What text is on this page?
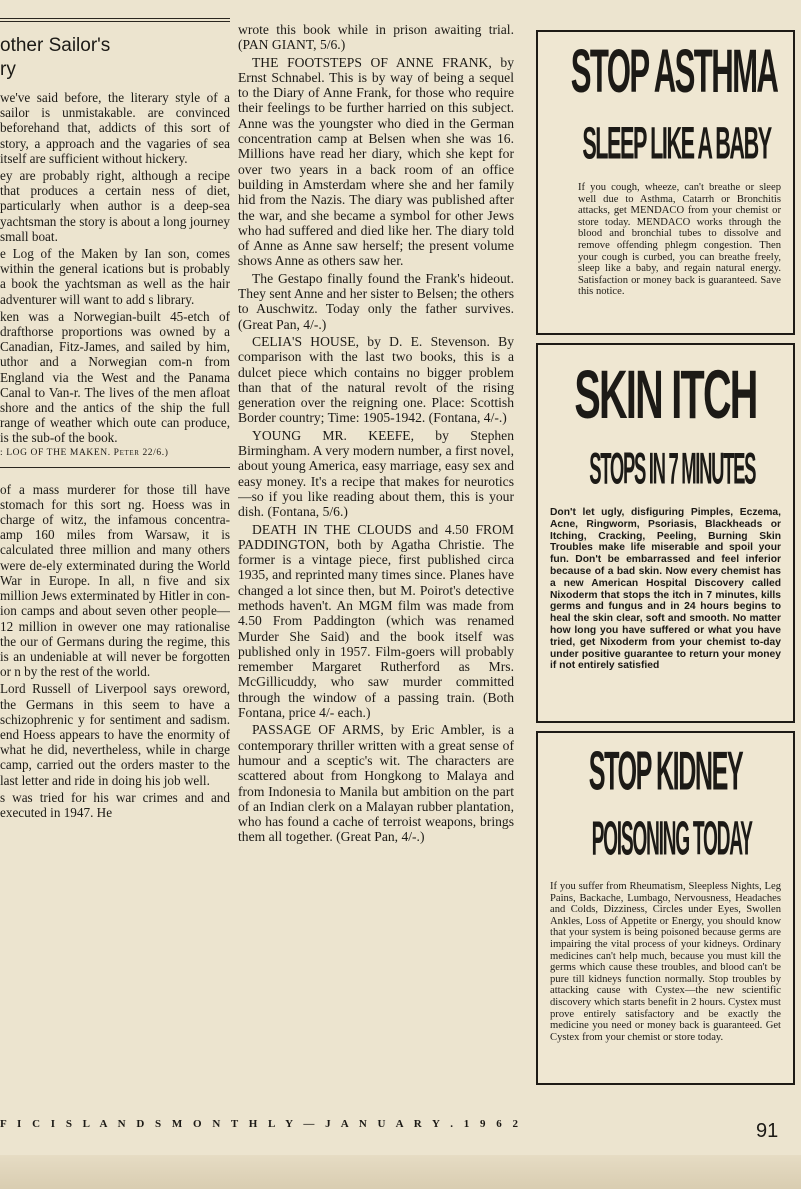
other Sailor's
ry

we've said before, the literary style of a sailor is unmistakable. are convinced beforehand that, addicts of this sort of story, a approach and the vagaries of sea itself are sufficient without hickery.

ey are probably right, although a recipe that produces a certain ness of diet, particularly when author is a deep-sea yachtsman the story is about a long journey small boat.

e Log of the Maken by Ian son, comes within the general ications but is probably a book the yachtsman as well as the hair adventurer will want to add s library.

ken was a Norwegian-built 45-etch of drafthorse proportions was owned by a Canadian, Fitz-James, and sailed by him, uthor and a Norwegian com-n from England via the West and the Panama Canal to Van-r. The lives of the men afloat shore and the antics of the ship the full range of weather which oute can produce, is the sub-of the book.

: LOG OF THE MAKEN. Peter 22/6.)

of a mass murderer for those till have stomach for this sort ng. Hoess was in charge of witz, the infamous concentra-amp 160 miles from Warsaw, it is calculated three million and many others were de-ely exterminated during the World War in Europe. In all, n five and six million Jews exterminated by Hitler in con-ion camps and about seven other people—12 million in owever one may rationalise the our of Germans during the regime, this is an undeniable at will never be forgotten or n by the rest of the world.

Lord Russell of Liverpool says oreword, the Germans in this seem to have a schizophrenic y for sentiment and sadism. end Hoess appears to have the enormity of what he did, nevertheless, while in charge camp, carried out the orders master to the last letter and ride in doing his job well.

s was tried for his war crimes and and executed in 1947. He

wrote this book while in prison awaiting trial. (PAN GIANT, 5/6.)

THE FOOTSTEPS OF ANNE FRANK, by Ernst Schnabel. This is by way of being a sequel to the Diary of Anne Frank, for those who require their feelings to be further harried on this subject. Anne was the youngster who died in the German concentration camp at Belsen when she was 16. Millions have read her diary, which she kept for over two years in a back room of an office building in Amsterdam where she and her family hid from the Nazis. The diary was published after the war, and she became a symbol for other Jews who had suffered and died like her. The diary told of Anne as Anne saw herself; the present volume shows Anne as others saw her.

The Gestapo finally found the Frank's hideout. They sent Anne and her sister to Belsen; the others to Auschwitz. Today only the father survives. (Great Pan, 4/-.)

CELIA'S HOUSE, by D. E. Stevenson. By comparison with the last two books, this is a dulcet piece which contains no bigger problem than that of the natural revolt of the rising generation over the reigning one. Place: Scottish Border country; Time: 1905-1942. (Fontana, 4/-.)

YOUNG MR. KEEFE, by Stephen Birmingham. A very modern number, a first novel, about young America, easy marriage, easy sex and easy money. It's a recipe that makes for neurotics—so if you like reading about them, this is your dish. (Fontana, 5/6.)

DEATH IN THE CLOUDS and 4.50 FROM PADDINGTON, both by Agatha Christie. The former is a vintage piece, first published circa 1935, and reprinted many times since. Planes have changed a lot since then, but M. Poirot's detective methods haven't. An MGM film was made from 4.50 From Paddington (which was renamed Murder She Said) and the book itself was published only in 1957. Film-goers will probably remember Margaret Rutherford as Mrs. McGillicuddy, who saw murder committed through the window of a passing train. (Both Fontana, price 4/- each.)

PASSAGE OF ARMS, by Eric Ambler, is a contemporary thriller written with a great sense of humour and a sceptic's wit. The characters are scattered about from Hongkong to Malaya and from Indonesia to Manila but ambition on the part of an Indian clerk on a Malayan rubber plantation, who has found a cache of terroist weapons, brings them all together. (Great Pan, 4/-.)

STOP ASTHMA
SLEEP LIKE A BABY

If you cough, wheeze, can't breathe or sleep well due to Asthma, Catarrh or Bronchitis attacks, get MENDACO from your chemist or store today. MENDACO works through the blood and bronchial tubes to dissolve and remove offending phlegm congestion. Then your cough is curbed, you can breathe freely, sleep like a baby, and regain natural energy. Satisfaction or money back is guaranteed. Save this notice.

SKIN ITCH
STOPS IN 7 MINUTES

Don't let ugly, disfiguring Pimples, Eczema, Acne, Ringworm, Psoriasis, Blackheads or Itching, Cracking, Peeling, Burning Skin Troubles make life miserable and spoil your fun. Don't be embarrassed and feel inferior because of a bad skin. Now every chemist has a new American Hospital Discovery called Nixoderm that stops the itch in 7 minutes, kills germs and fungus and in 24 hours begins to heal the skin clear, soft and smooth. No matter how long you have suffered or what you have tried, get Nixoderm from your chemist to-day under positive guarantee to return your money if not entirely satisfied

STOP KIDNEY
POISONING TODAY

If you suffer from Rheumatism, Sleepless Nights, Leg Pains, Backache, Lumbago, Nervousness, Headaches and Colds, Dizziness, Circles under Eyes, Swollen Ankles, Loss of Appetite or Energy, you should know that your system is being poisoned because germs are impairing the vital process of your kidneys. Ordinary medicines can't help much, because you must kill the germs which cause these troubles, and blood can't be pure till kidneys function normally. Stop troubles by attacking cause with Cystex—the new scientific discovery which starts benefit in 2 hours. Cystex must prove entirely satisfactory and be exactly the medicine you need or money back is guaranteed. Get Cystex from your chemist or store today.

F I C I S L A N D S M O N T H L Y — J A N U A R Y . 1 9 6 2	91
